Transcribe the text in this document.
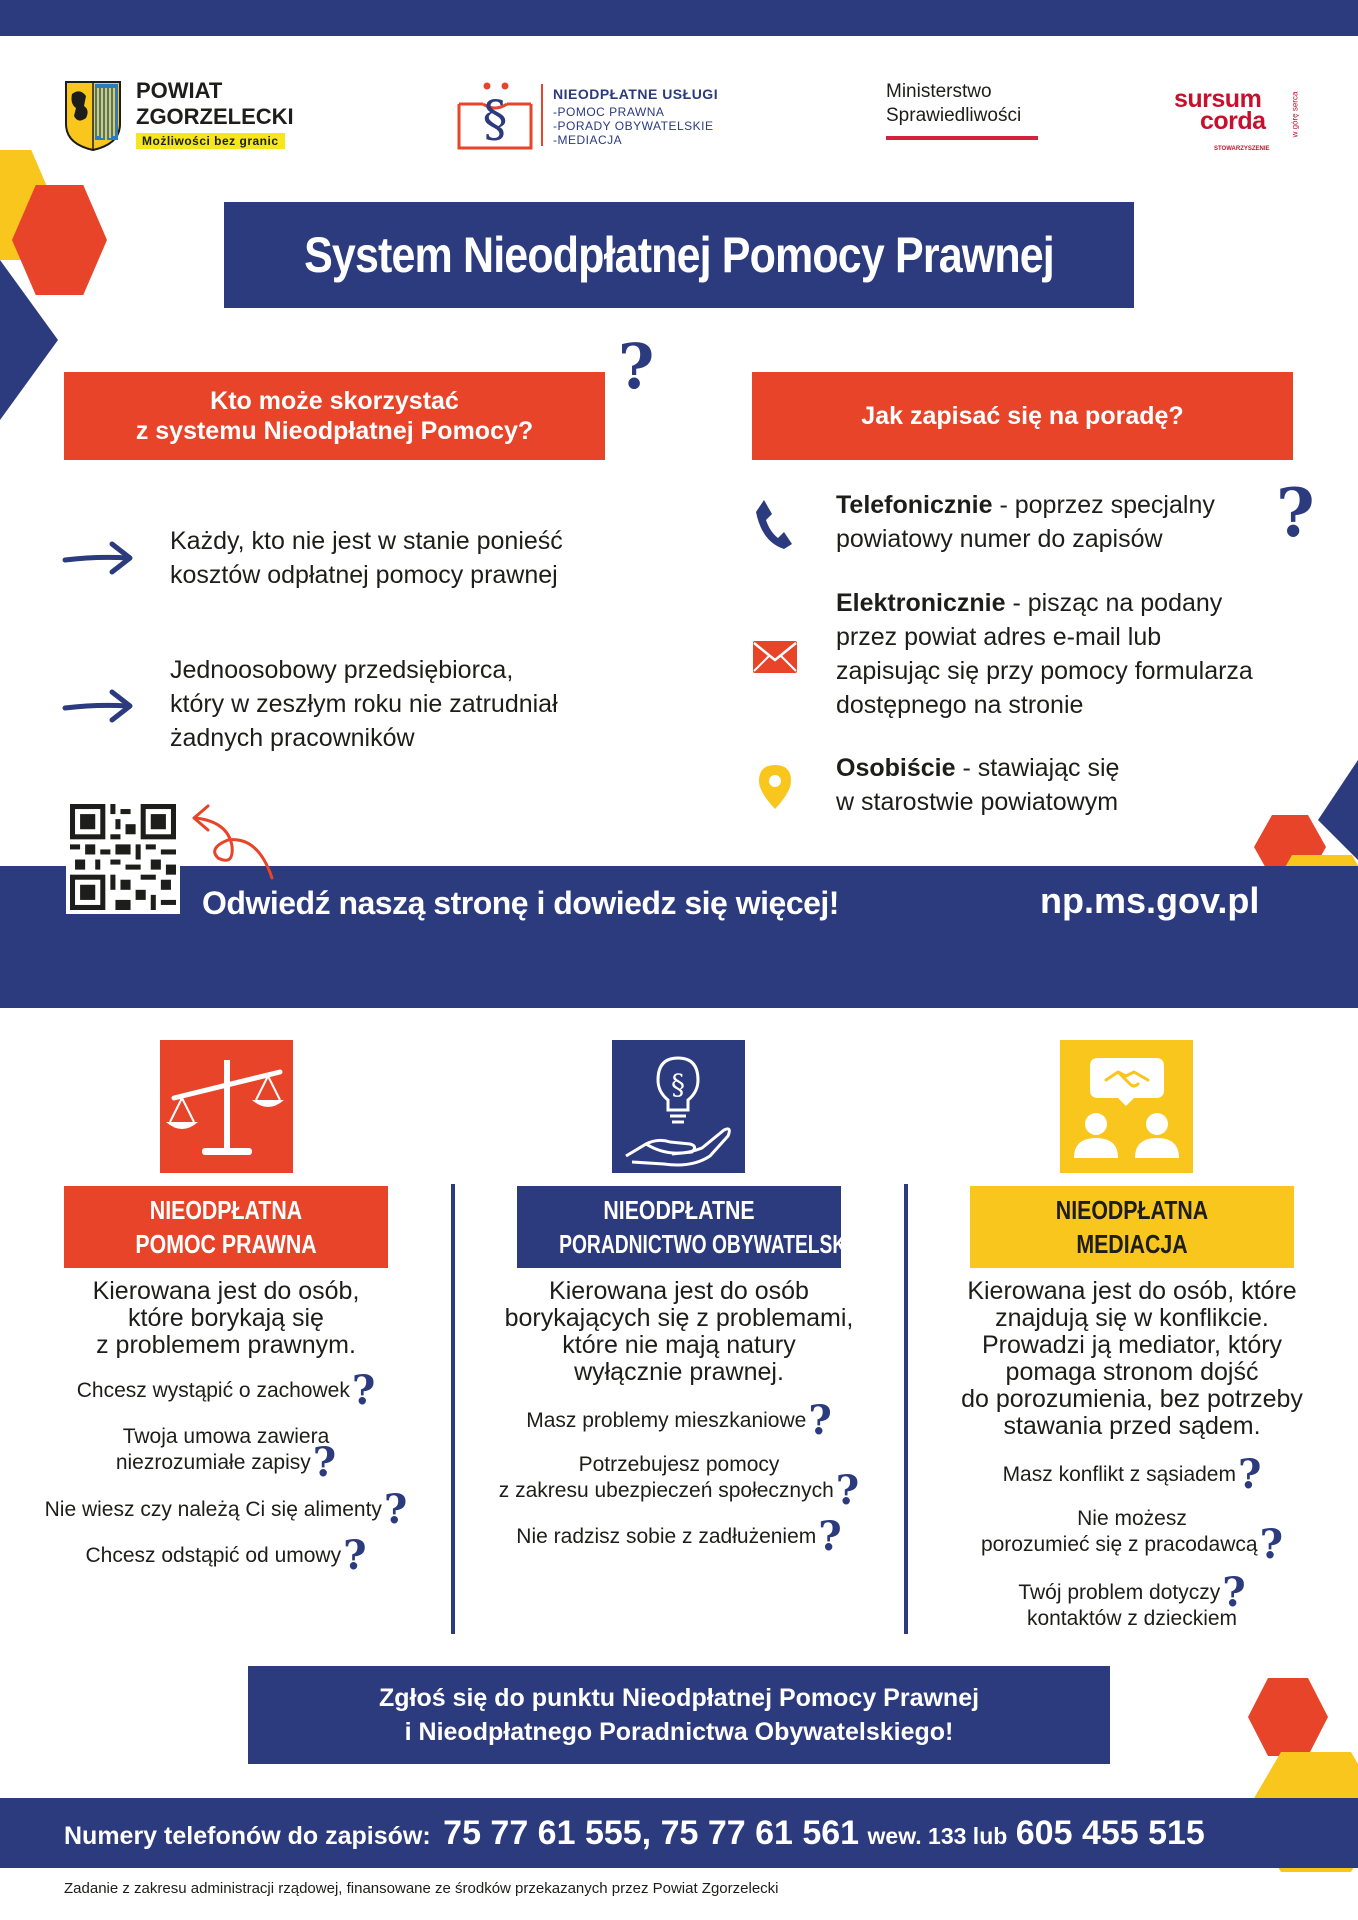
POWIAT
ZGORZELECKI
Możliwości bez granic	§	NIEODPŁATNE USŁUGI
-POMOC PRAWNA
-PORADY OBYWATELSKIE
-MEDIACJA
Ministerstwo
Sprawiedliwości
sursum
corda
STOWARZYSZENIE
w górę serca
System Nieodpłatnej Pomocy Prawnej
Kto może skorzystać
z systemu Nieodpłatnej Pomocy?
?
Każdy, kto nie jest w stanie ponieść
kosztów odpłatnej pomocy prawnej
Jednoosobowy przedsiębiorca,
który w zeszłym roku nie zatrudniał
żadnych pracowników
Jak zapisać się na poradę?
Telefonicznie - poprzez specjalny
powiatowy numer do zapisów	?
Elektronicznie - pisząc na podany
przez powiat adres e-mail lub
zapisując się przy pomocy formularza
dostępnego na stronie
Osobiście - stawiając się
w starostwie powiatowym
Odwiedź naszą stronę i dowiedz się więcej!	np.ms.gov.pl
§
NIEODPŁATNA
POMOC PRAWNA
NIEODPŁATNE
PORADNICTWO OBYWATELSKIE
NIEODPŁATNA
MEDIACJA
Kierowana jest do osób,
które borykają się
z problemem prawnym.
Chcesz wystąpić o zachowek?
Twoja umowa zawiera
niezrozumiałe zapisy?
Nie wiesz czy należą Ci się alimenty?
Chcesz odstąpić od umowy?
Kierowana jest do osób
borykających się z problemami,
które nie mają natury
wyłącznie prawnej.
Masz problemy mieszkaniowe?
Potrzebujesz pomocy
z zakresu ubezpieczeń społecznych?
Nie radzisz sobie z zadłużeniem?
Kierowana jest do osób, które
znajdują się w konflikcie.
Prowadzi ją mediator, który
pomaga stronom dojść
do porozumienia, bez potrzeby
stawania przed sądem.
Masz konflikt z sąsiadem?
Nie możesz
porozumieć się z pracodawcą?
Twój problem dotyczy?
kontaktów z dzieckiem
Zgłoś się do punktu Nieodpłatnej Pomocy Prawnej
i Nieodpłatnego Poradnictwa Obywatelskiego!
Numery telefonów do zapisów: 75 77 61 555, 75 77 61 561 wew. 133 lub 605 455 515
Zadanie z zakresu administracji rządowej, finansowane ze środków przekazanych przez Powiat Zgorzelecki
